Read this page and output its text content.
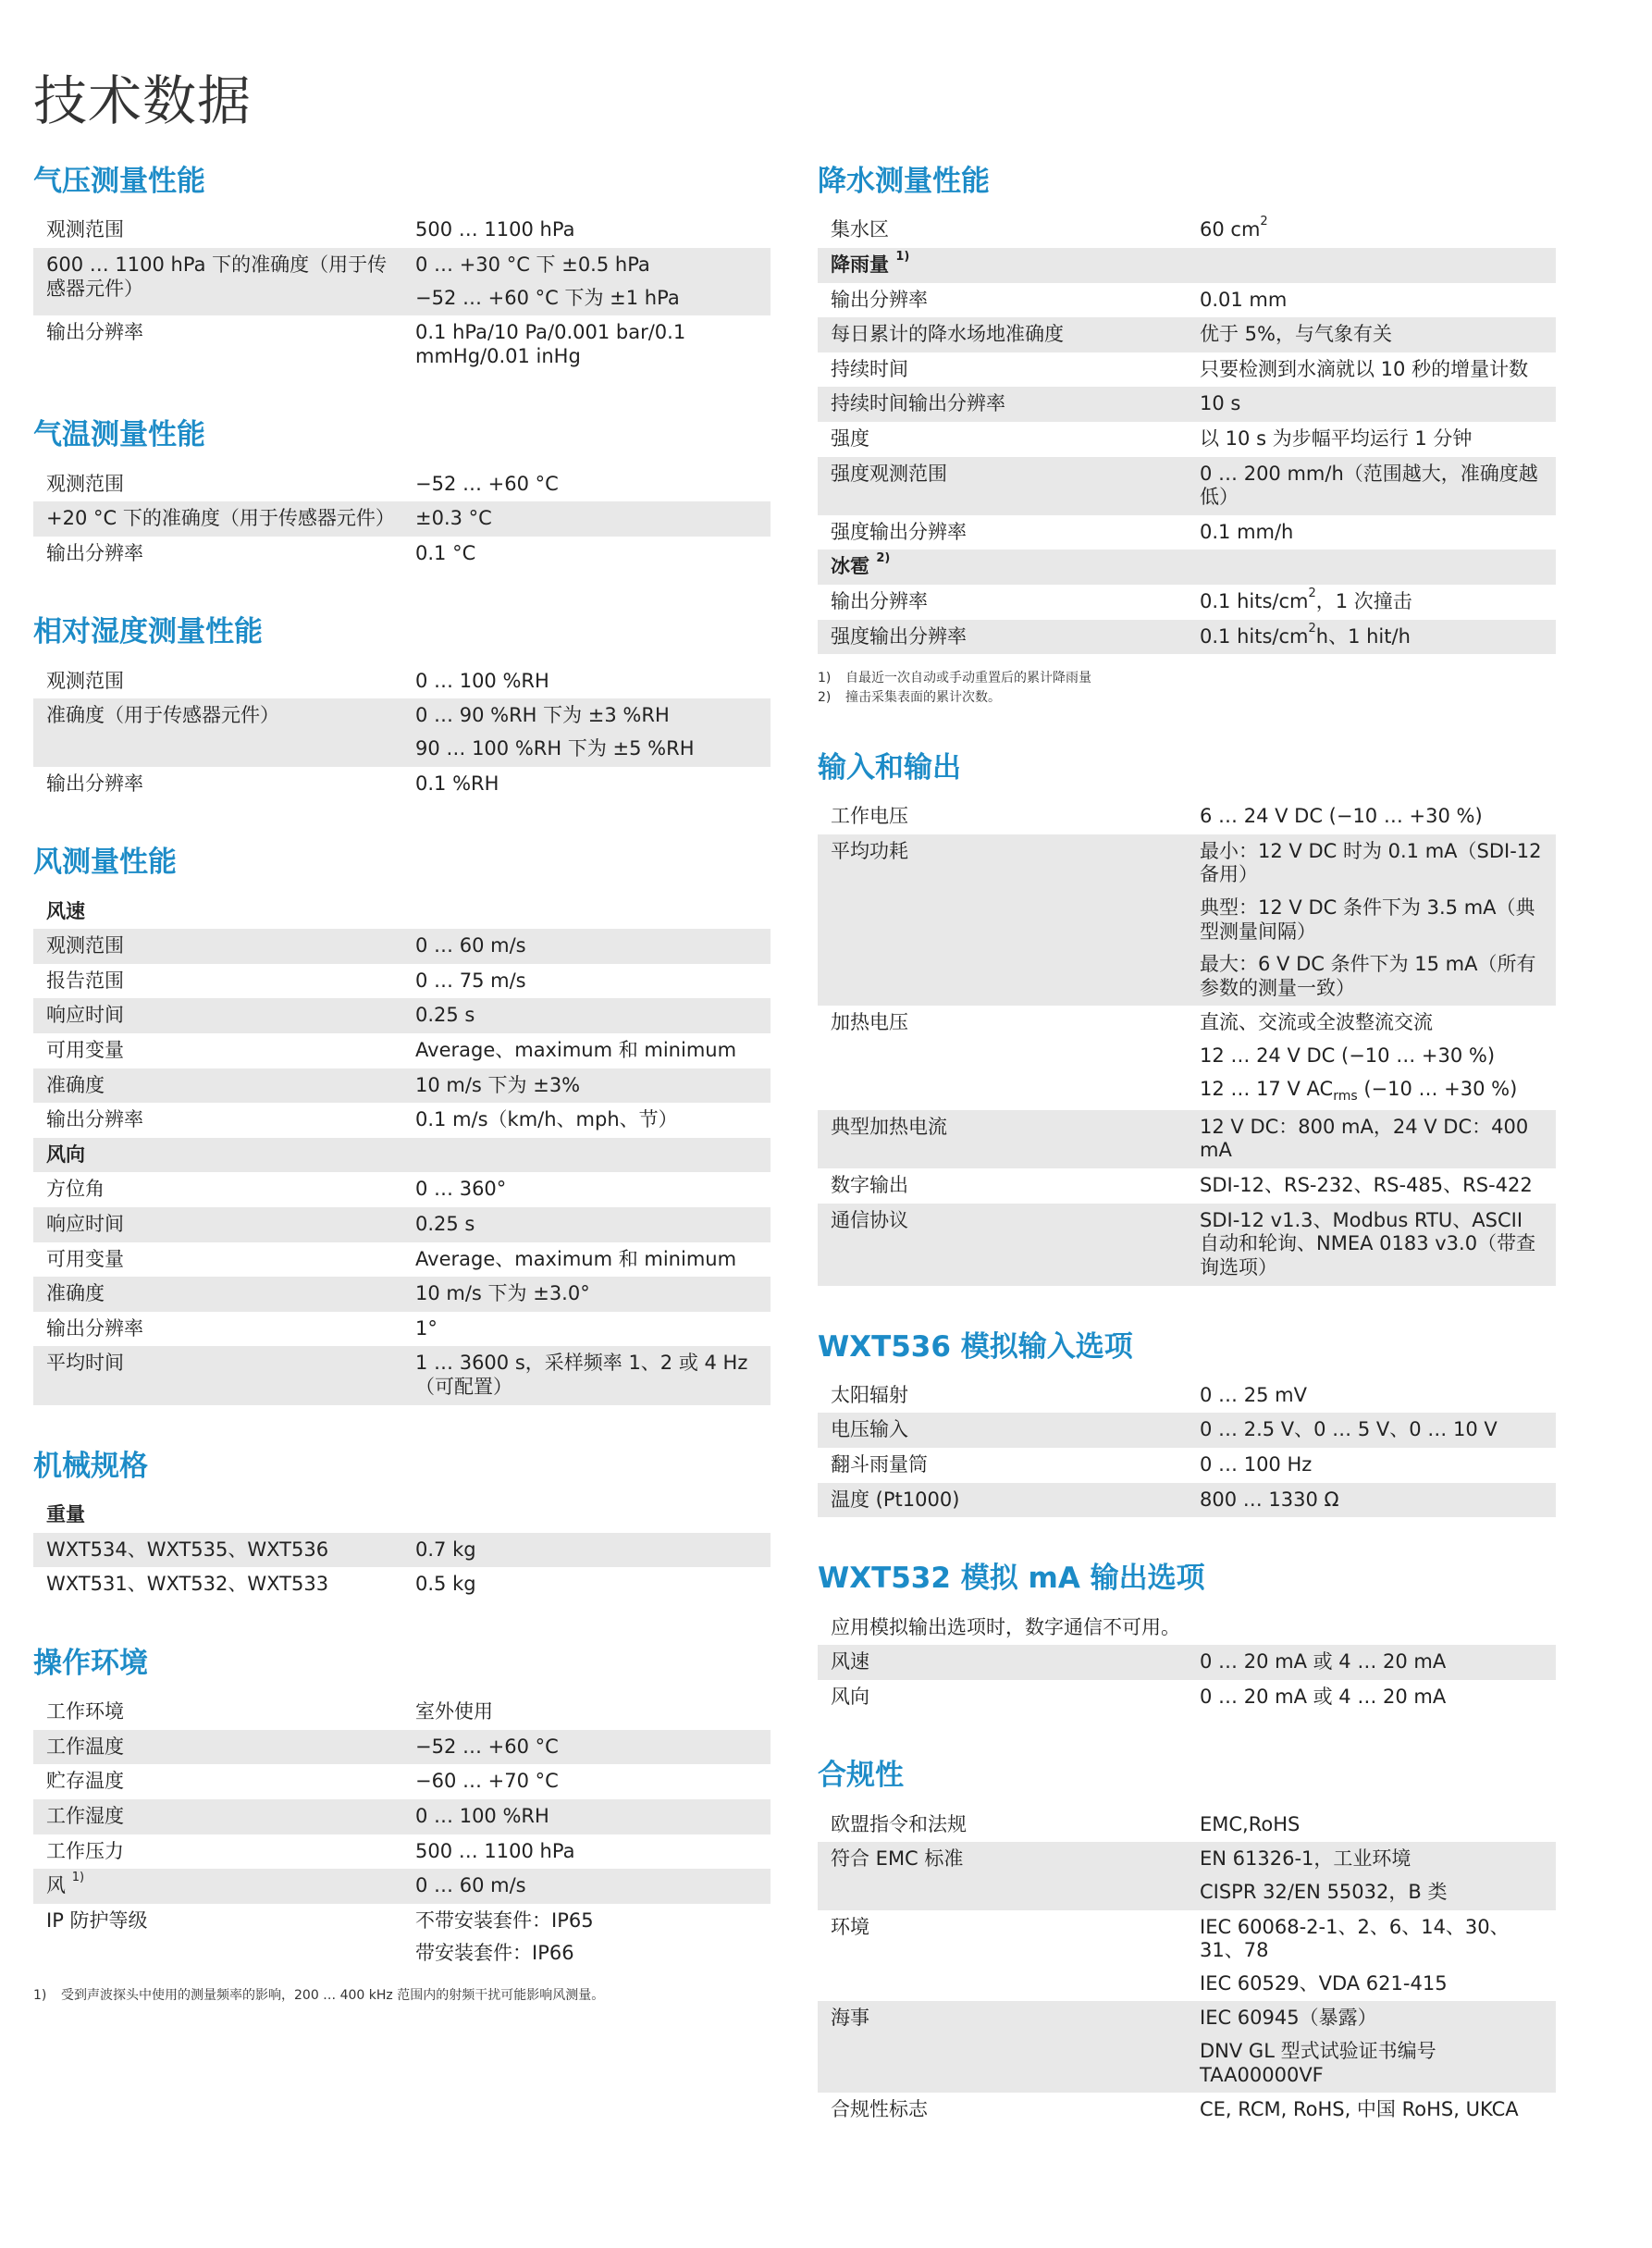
技术数据
气压测量性能
观测范围	500 … 1100 hPa
600 … 1100 hPa 下的准确度（用于传感器元件）
0 … +30 °C 下 ±0.5 hPa
−52 … +60 °C 下为 ±1 hPa
输出分辨率	0.1 hPa/10 Pa/0.001 bar/0.1 mmHg/0.01 inHg
气温测量性能
观测范围	−52 … +60 °C
+20 °C 下的准确度（用于传感器元件）	±0.3 °C
输出分辨率	0.1 °C
相对湿度测量性能
观测范围	0 … 100 %RH
准确度（用于传感器元件）	0 … 90 %RH 下为 ±3 %RH
90 … 100 %RH 下为 ±5 %RH
输出分辨率	0.1 %RH
风测量性能
风速
观测范围	0 … 60 m/s
报告范围	0 … 75 m/s
响应时间	0.25 s
可用变量	Average、maximum 和 minimum
准确度	10 m/s 下为 ±3%
输出分辨率	0.1 m/s（km/h、mph、节）
风向
方位角	0 … 360°
响应时间	0.25 s
可用变量	Average、maximum 和 minimum
准确度	10 m/s 下为 ±3.0°
输出分辨率	1°
平均时间	1 … 3600 s，采样频率 1、2 或 4 Hz（可配置）
机械规格
重量
WXT534、WXT535、WXT536	0.7 kg
WXT531、WXT532、WXT533	0.5 kg
操作环境
工作环境	室外使用
工作温度	−52 … +60 °C
贮存温度	−60 … +70 °C
工作湿度	0 … 100 %RH
工作压力	500 … 1100 hPa
风 $^{1)}$	0 … 60 m/s
IP 防护等级	不带安装套件：IP65
带安装套件：IP66
1)	受到声波探头中使用的测量频率的影响，200 … 400 kHz 范围内的射频干扰可能影响风测量。
降水测量性能
集水区	60 $cm^2$
降雨量 $^{1)}$
输出分辨率	0.01 mm
每日累计的降水场地准确度	优于 5%，与气象有关
持续时间	只要检测到水滴就以 10 秒的增量计数
持续时间输出分辨率	10 s
强度	以 10 s 为步幅平均运行 1 分钟
强度观测范围	0 … 200 mm/h（范围越大，准确度越低）
强度输出分辨率	0.1 mm/h
冰雹 $^{2)}$
输出分辨率	0.1 hits/$cm^2$，1 次撞击
强度输出分辨率	0.1 hits/$cm^2h$、1 hit/h
1)	自最近一次自动或手动重置后的累计降雨量
2)	撞击采集表面的累计次数。
输入和输出
工作电压	6 … 24 V DC (−10 … +30 %)
平均功耗	最小：12 V DC 时为 0.1 mA（SDI-12 备用）
典型：12 V DC 条件下为 3.5 mA（典型测量间隔）
最大：6 V DC 条件下为 15 mA（所有参数的测量一致）
加热电压	直流、交流或全波整流交流
12 … 24 V DC (−10 … +30 %)
12 … 17 V $AC_{rms}$ (−10 … +30 %)
典型加热电流	12 V DC：800 mA，24 V DC：400 mA
数字输出	SDI-12、RS-232、RS-485、RS-422
通信协议	SDI-12 v1.3、Modbus RTU、ASCII 自动和轮询、NMEA 0183 v3.0（带查询选项）
WXT536 模拟输入选项
太阳辐射	0 … 25 mV
电压输入	0 … 2.5 V、0 … 5 V、0 … 10 V
翻斗雨量筒	0 … 100 Hz
温度 (Pt1000)	800 … 1330 Ω
WXT532 模拟 mA 输出选项
应用模拟输出选项时，数字通信不可用。
风速	0 … 20 mA 或 4 … 20 mA
风向	0 … 20 mA 或 4 … 20 mA
合规性
欧盟指令和法规	EMC,RoHS
符合 EMC 标准	EN 61326-1，工业环境
CISPR 32/EN 55032，B 类
环境	IEC 60068-2-1、2、6、14、30、31、78
IEC 60529、VDA 621-415
海事	IEC 60945（暴露）
DNV GL 型式试验证书编号 TAA00000VF
合规性标志	CE, RCM, RoHS, 中国 RoHS, UKCA
